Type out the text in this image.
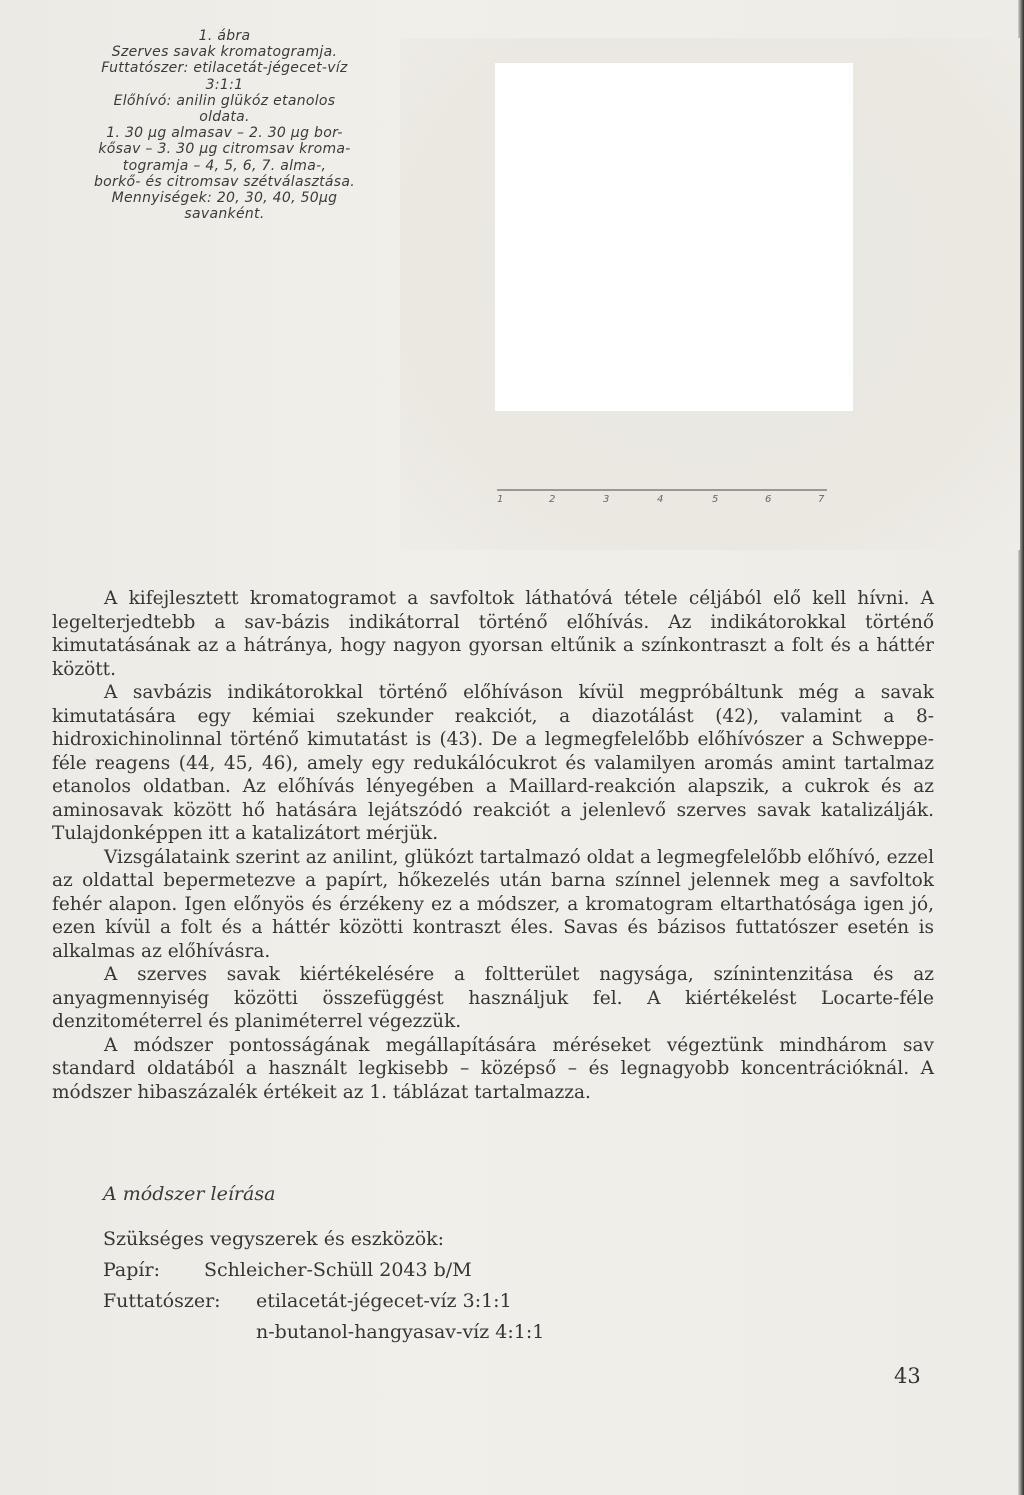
1. ábra
Szerves savak kromatogramja.
Futtatószer: etilacetát-jégecet-víz
3:1:1
Előhívó: anilin glükóz etanolos
oldata.
1. 30 μg almasav – 2. 30 μg bor-
kősav – 3. 30 μg citromsav kroma-
togramja – 4, 5, 6, 7. alma-,
borkő- és citromsav szétválasztása.
Mennyiségek: 20, 30, 40, 50μg
savanként.
1	2	3	4	5	6	7

A kifejlesztett kromatogramot a savfoltok láthatóvá tétele céljából elő kell hívni. A legelterjedtebb a sav-bázis indikátorral történő előhívás. Az indikátorokkal történő kimutatásának az a hátránya, hogy nagyon gyorsan eltűnik a színkontraszt a folt és a háttér között.

A savbázis indikátorokkal történő előhíváson kívül megpróbáltunk még a savak kimutatására egy kémiai szekunder reakciót, a diazotálást (42), valamint a 8-hidroxichinolinnal történő kimutatást is (43). De a legmegfelelőbb előhívószer a Schweppe-féle reagens (44, 45, 46), amely egy redukálócukrot és valamilyen aromás amint tartalmaz etanolos oldatban. Az előhívás lényegében a Maillard-reakción alapszik, a cukrok és az aminosavak között hő hatására lejátszódó reakciót a jelenlevő szerves savak katalizálják. Tulajdonképpen itt a katalizátort mérjük.

Vizsgálataink szerint az anilint, glükózt tartalmazó oldat a legmegfelelőbb előhívó, ezzel az oldattal bepermetezve a papírt, hőkezelés után barna színnel jelennek meg a savfoltok fehér alapon. Igen előnyös és érzékeny ez a módszer, a kromatogram eltarthatósága igen jó, ezen kívül a folt és a háttér közötti kontraszt éles. Savas és bázisos futtatószer esetén is alkalmas az előhívásra.

A szerves savak kiértékelésére a foltterület nagysága, színintenzitása és az anyagmennyiség közötti összefüggést használjuk fel. A kiértékelést Locarte-féle denzitométerrel és planiméterrel végezzük.

A módszer pontosságának megállapítására méréseket végeztünk mindhárom sav standard oldatából a használt legkisebb – középső – és legnagyobb koncentrációknál. A módszer hibaszázalék értékeit az 1. táblázat tartalmazza.

A módszer leírása
Szükséges vegyszerek és eszközök:
Papír: Schleicher-Schüll 2043 b/M
Futtatószer: etilacetát-jégecet-víz 3:1:1
n-butanol-hangyasav-víz 4:1:1
43
